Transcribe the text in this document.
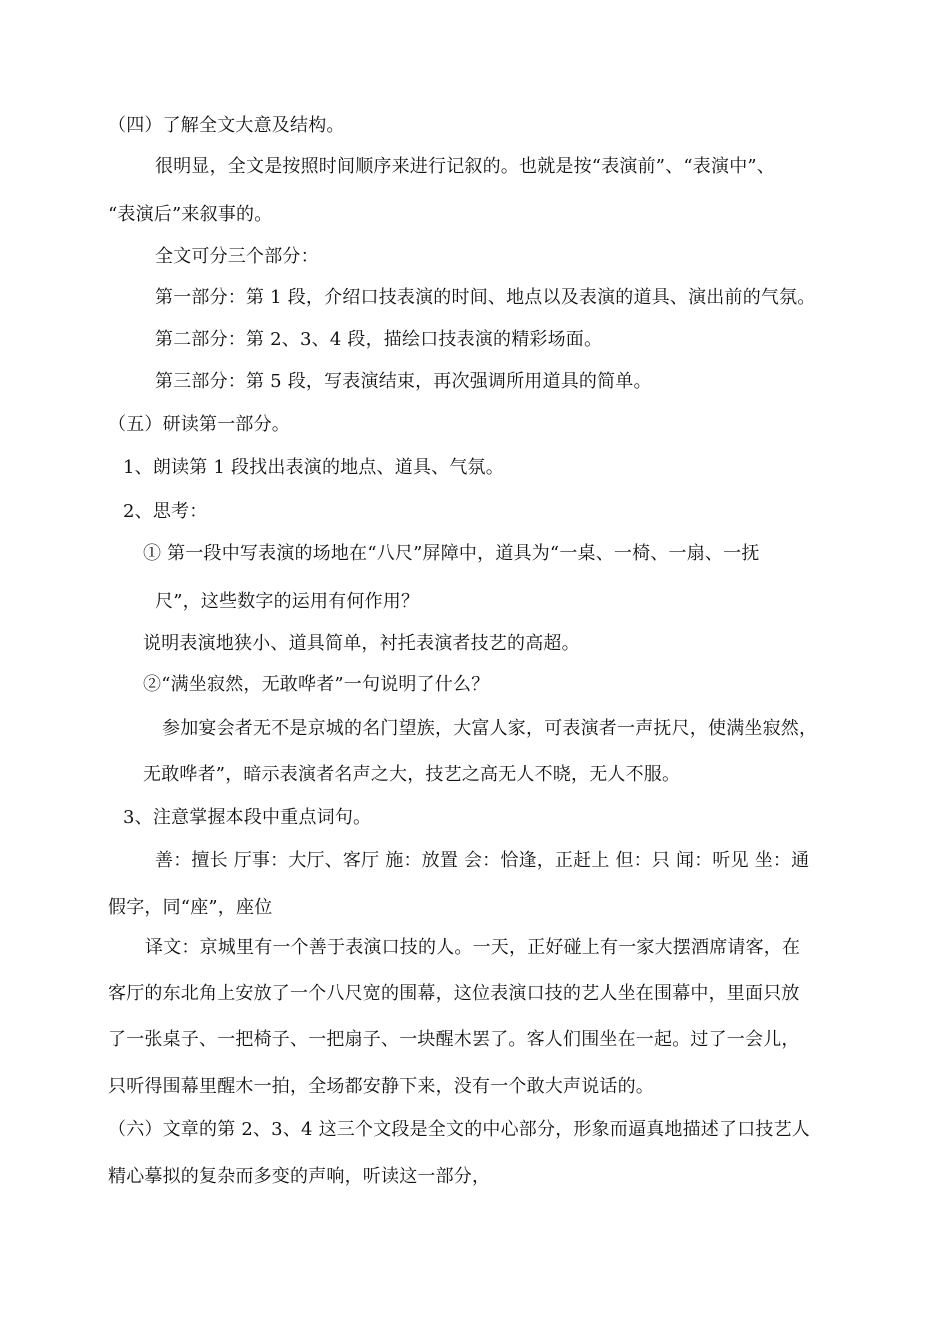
（四）了解全文大意及结构。
很明显，全文是按照时间顺序来进行记叙的。也就是按“表演前”、“表演中”、
“表演后”来叙事的。
全文可分三个部分：
第一部分：第 1 段，介绍口技表演的时间、地点以及表演的道具、演出前的气氛。
第二部分：第 2、3、4 段，描绘口技表演的精彩场面。
第三部分：第 5 段，写表演结束，再次强调所用道具的简单。
（五）研读第一部分。
1、朗读第 1 段找出表演的地点、道具、气氛。
2、思考：
① 第一段中写表演的场地在“八尺”屏障中，道具为“一桌、一椅、一扇、一抚
尺”，这些数字的运用有何作用？
说明表演地狭小、道具简单，衬托表演者技艺的高超。
②“满坐寂然，无敢哗者”一句说明了什么？
参加宴会者无不是京城的名门望族，大富人家，可表演者一声抚尺，使满坐寂然，
无敢哗者”，暗示表演者名声之大，技艺之高无人不晓，无人不服。
3、注意掌握本段中重点词句。
善：擅长 厅事：大厅、客厅 施：放置 会：恰逢，正赶上 但：只 闻：听见 坐：通
假字，同“座”，座位
译文：京城里有一个善于表演口技的人。一天，正好碰上有一家大摆酒席请客，在
客厅的东北角上安放了一个八尺宽的围幕，这位表演口技的艺人坐在围幕中，里面只放
了一张桌子、一把椅子、一把扇子、一块醒木罢了。客人们围坐在一起。过了一会儿，
只听得围幕里醒木一拍，全场都安静下来，没有一个敢大声说话的。
（六）文章的第 2、3、4 这三个文段是全文的中心部分，形象而逼真地描述了口技艺人
精心摹拟的复杂而多变的声响，听读这一部分，
